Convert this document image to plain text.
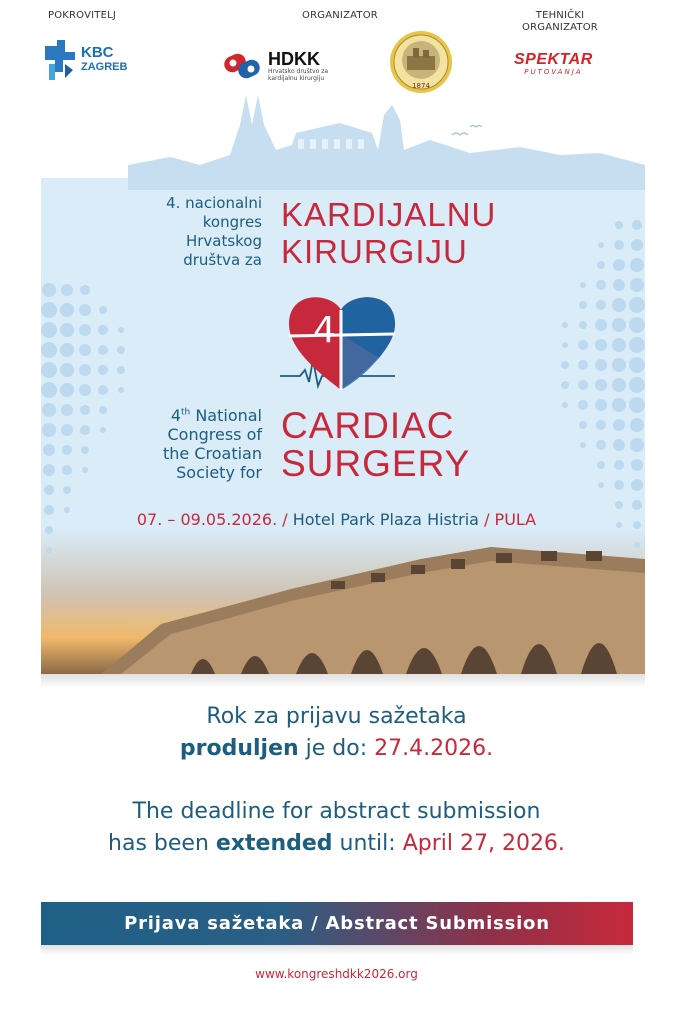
POKROVITELJ	ORGANIZATOR	TEHNIČKI
ORGANIZATOR
KBC
ZAGREB	HDKK
Hrvatsko društvo za
kardijalnu kirurgiju
1874
SPEKTAR
PUTOVANJA
4. nacionalni
kongres
Hrvatskog
društva za
KARDIJALNU
KIRURGIJU
4
4th National
Congress of
the Croatian
Society for
CARDIAC
SURGERY
07. – 09.05.2026. / Hotel Park Plaza Histria / PULA
Rok za prijavu sažetaka
produljen je do: 27.4.2026.
The deadline for abstract submission
has been extended until: April 27, 2026.
Prijava sažetaka / Abstract Submission
www.kongreshdkk2026.org
